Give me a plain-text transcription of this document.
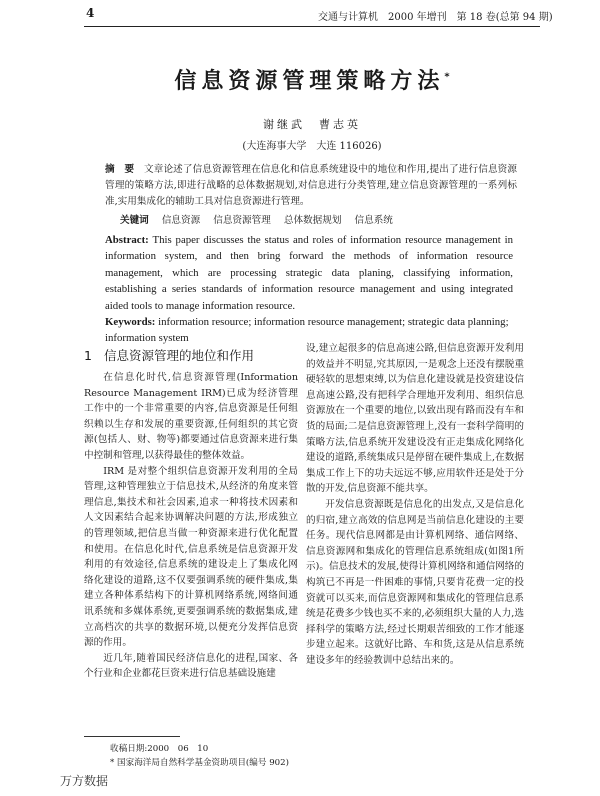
4	交通与计算机　2000 年增刊　第 18 卷(总第 94 期)
信息资源管理策略方法*
谢继武　曹志英
(大连海事大学　大连 116026)
摘　要　 文章论述了信息资源管理在信息化和信息系统建设中的地位和作用,提出了进行信息资源管理的策略方法,即进行战略的总体数据规划,对信息进行分类管理,建立信息资源管理的一系列标准,实用集成化的辅助工具对信息资源进行管理。
关键词 信息资源 信息资源管理 总体数据规划 信息系统
Abstract: This paper discusses the status and roles of information resource management in information system, and then bring forward the methods of information resource management, which are processing strategic data planing, classifying information, establishing a series standards of information resource management and using integrated aided tools to manage information resource.
Keywords: information resource; information resource management; strategic data planning; information system
1 信息资源管理的地位和作用

在信息化时代,信息资源管理(Information Resource Management IRM)已成为经济管理工作中的一个非常重要的内容,信息资源是任何组织赖以生存和发展的重要资源,任何组织的其它资源(包括人、财、物等)都要通过信息资源来进行集中控制和管理,以获得最佳的整体效益。

IRM 是对整个组织信息资源开发利用的全局管理,这种管理独立于信息技术,从经济的角度来管理信息,集技术和社会因素,追求一种将技术因素和人文因素结合起来协调解决问题的方法,形成独立的管理领域,把信息当做一种资源来进行优化配置和使用。在信息化时代,信息系统是信息资源开发利用的有效途径,信息系统的建设走上了集成化网络化建设的道路,这不仅要强调系统的硬件集成,集建立各种体系结构下的计算机网络系统,网络间通讯系统和多媒体系统,更要强调系统的数据集成,建立高档次的共享的数据环境,以便充分发挥信息资源的作用。

近几年,随着国民经济信息化的进程,国家、各个行业和企业都花巨资来进行信息基础设施建

设,建立起很多的信息高速公路,但信息资源开发利用的效益并不明显,究其原因,一是观念上还没有摆脱重硬轻软的思想束缚,以为信息化建设就是投资建设信息高速公路,没有把科学合理地开发利用、组织信息资源放在一个重要的地位,以致出现有路而没有车和货的局面;二是信息资源管理上,没有一套科学简明的策略方法,信息系统开发建设没有正走集成化网络化建设的道路,系统集成只是停留在硬件集成上,在数据集成工作上下的功夫远远不够,应用软件还是处于分散的开发,信息资源不能共享。

开发信息资源既是信息化的出发点,又是信息化的归宿,建立高效的信息网是当前信息化建设的主要任务。现代信息网都是由计算机网络、通信网络、信息资源网和集成化的管理信息系统组成(如图1所示)。信息技术的发展,使得计算机网络和通信网络的构筑已不再是一件困难的事情,只要肯花费一定的投资就可以买来,而信息资源网和集成化的管理信息系统是花费多少钱也买不来的,必须组织大量的人力,选择科学的策略方法,经过长期艰苦细致的工作才能逐步建立起来。这就好比路、车和货,这是从信息系统建设多年的经验教训中总结出来的。

收稿日期:2000　06　10
* 国家海洋局自然科学基金资助项目(编号 902)
万方数据
